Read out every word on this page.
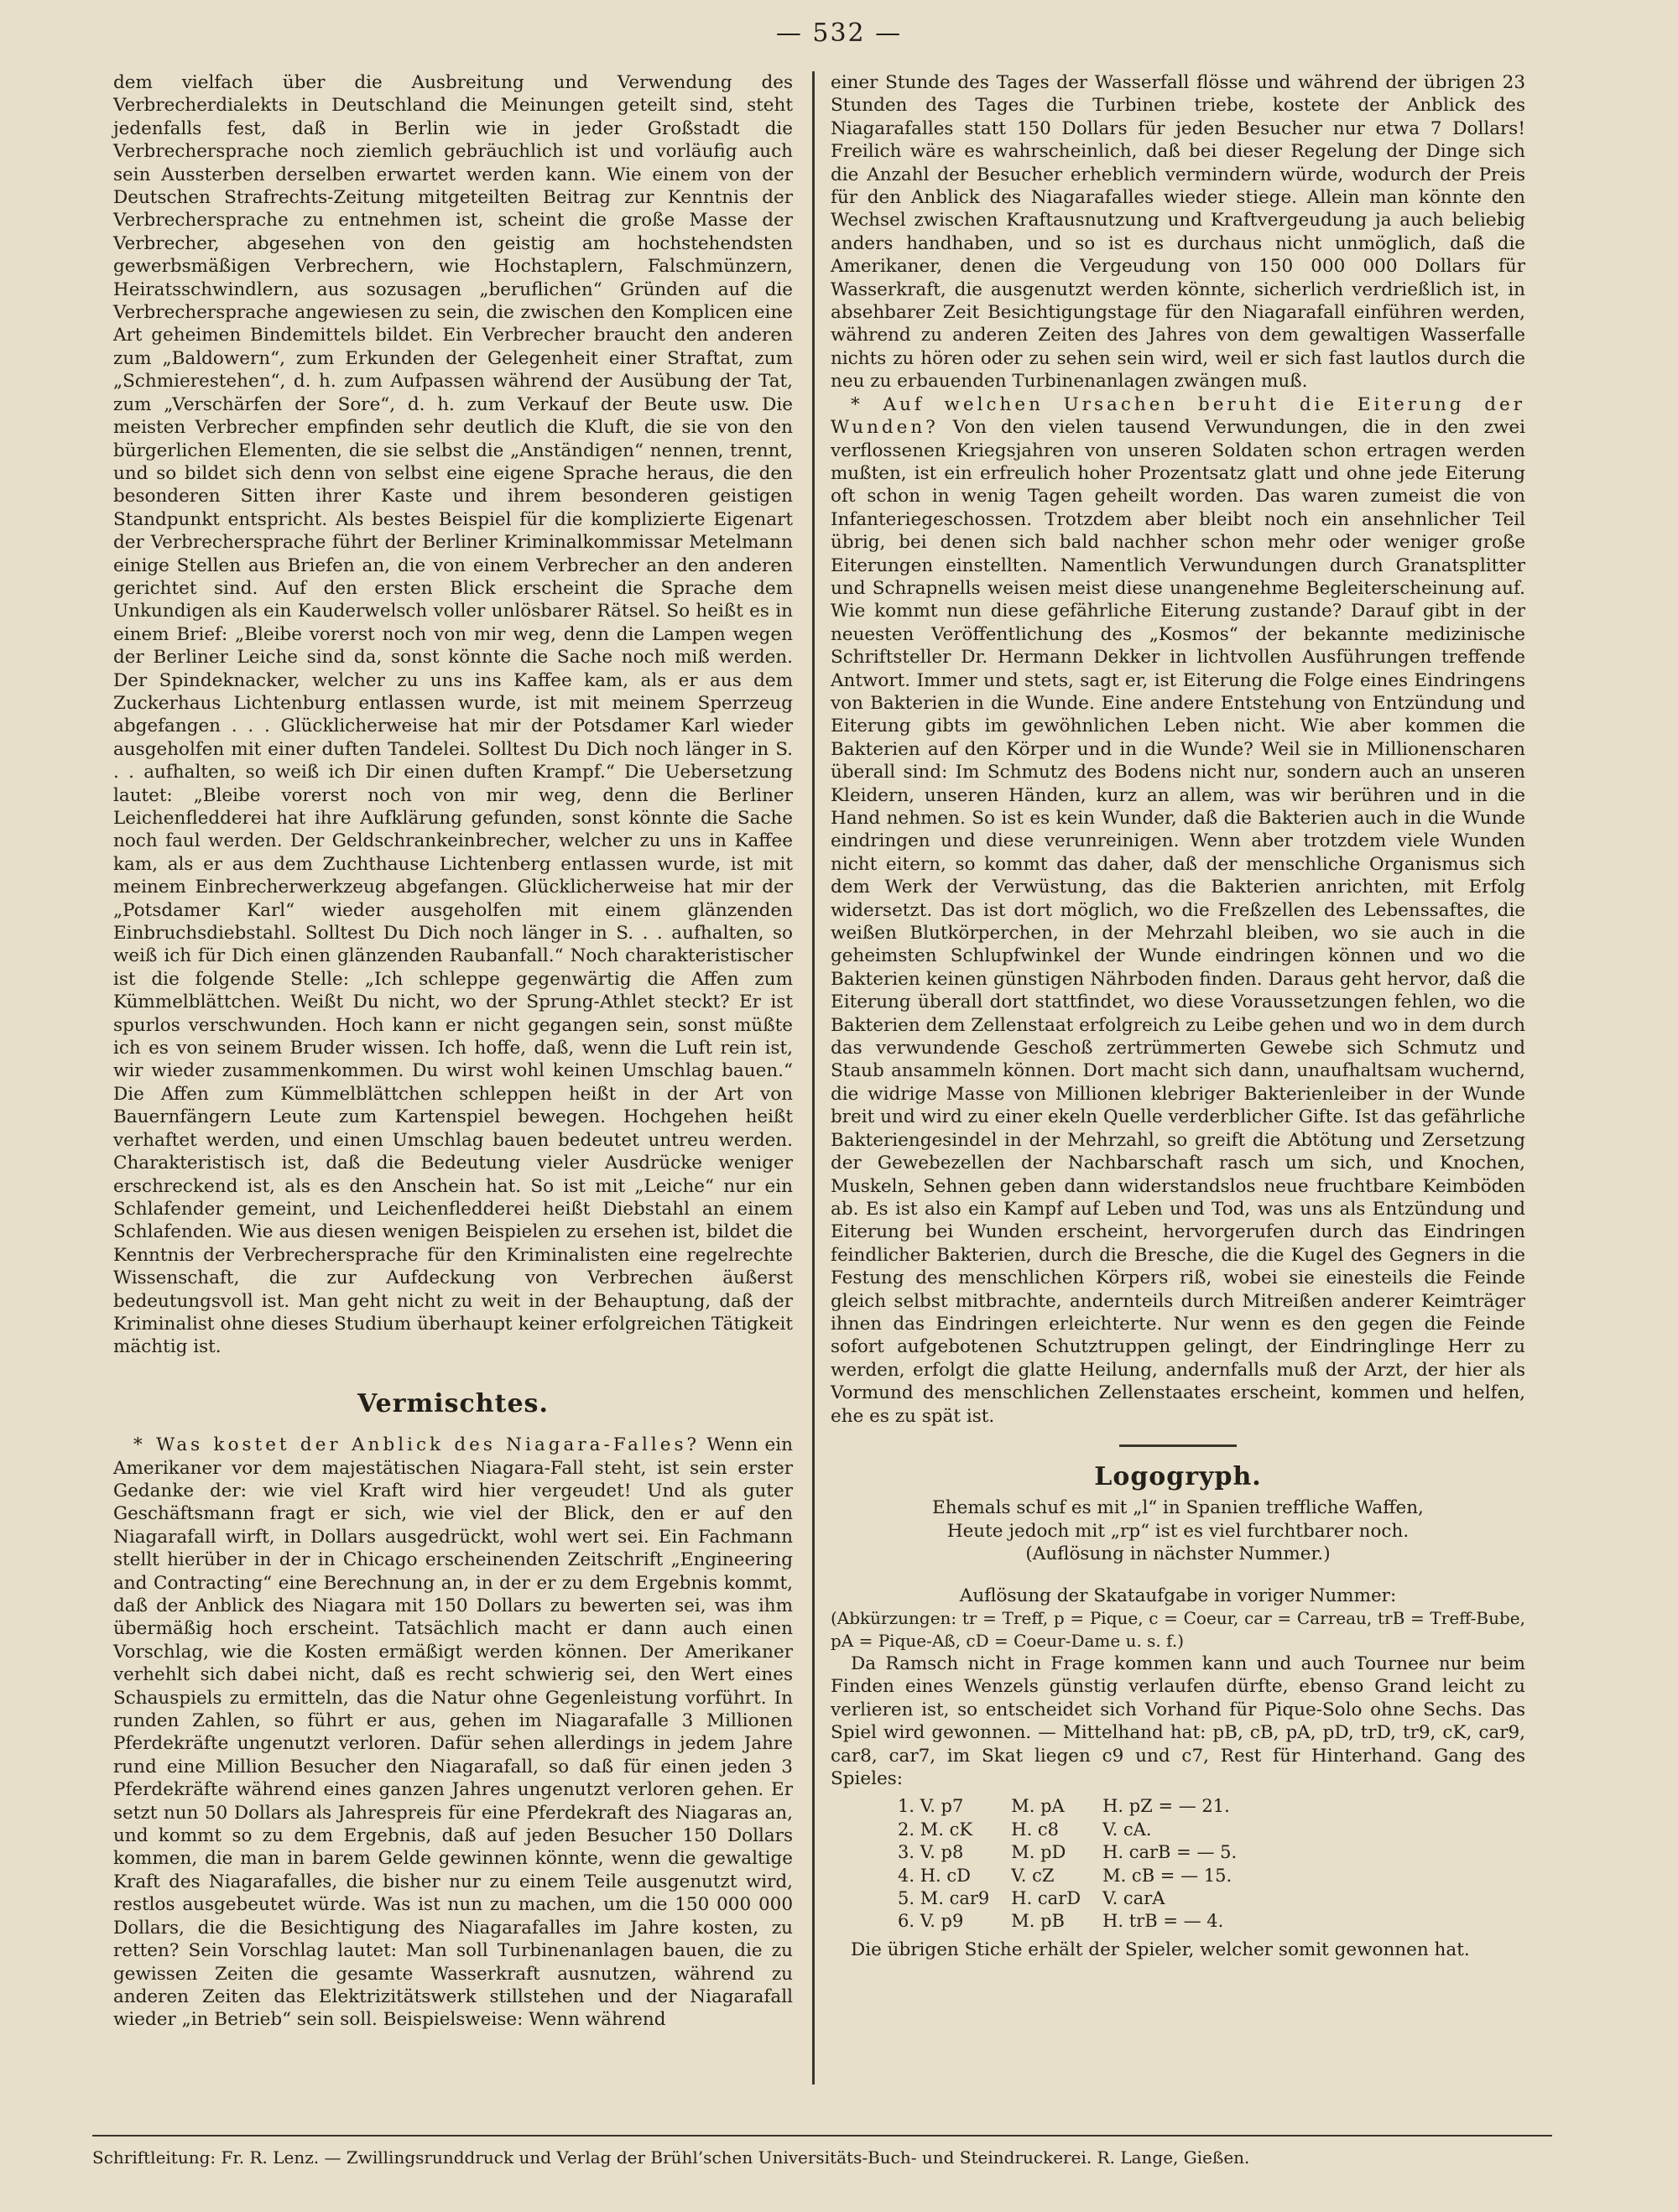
— 532 —

dem vielfach über die Ausbreitung und Verwendung des Verbrecherdialekts in Deutschland die Meinungen geteilt sind, steht jedenfalls fest, daß in Berlin wie in jeder Großstadt die Verbrechersprache noch ziemlich gebräuchlich ist und vorläufig auch sein Aussterben derselben erwartet werden kann. Wie einem von der Deutschen Strafrechts-Zeitung mitgeteilten Beitrag zur Kenntnis der Verbrechersprache zu entnehmen ist, scheint die große Masse der Verbrecher, abgesehen von den geistig am hochstehendsten gewerbsmäßigen Verbrechern, wie Hochstaplern, Falschmünzern, Heiratsschwindlern, aus sozusagen „beruflichen“ Gründen auf die Verbrechersprache angewiesen zu sein, die zwischen den Komplicen eine Art geheimen Bindemittels bildet. Ein Verbrecher braucht den anderen zum „Baldowern“, zum Erkunden der Gelegenheit einer Straftat, zum „Schmierestehen“, d. h. zum Aufpassen während der Ausübung der Tat, zum „Verschärfen der Sore“, d. h. zum Verkauf der Beute usw. Die meisten Verbrecher empfinden sehr deutlich die Kluft, die sie von den bürgerlichen Elementen, die sie selbst die „Anständigen“ nennen, trennt, und so bildet sich denn von selbst eine eigene Sprache heraus, die den besonderen Sitten ihrer Kaste und ihrem besonderen geistigen Standpunkt entspricht. Als bestes Beispiel für die komplizierte Eigenart der Verbrechersprache führt der Berliner Kriminalkommissar Metelmann einige Stellen aus Briefen an, die von einem Verbrecher an den anderen gerichtet sind. Auf den ersten Blick erscheint die Sprache dem Unkundigen als ein Kauderwelsch voller unlösbarer Rätsel. So heißt es in einem Brief: „Bleibe vorerst noch von mir weg, denn die Lampen wegen der Berliner Leiche sind da, sonst könnte die Sache noch miß werden. Der Spindeknacker, welcher zu uns ins Kaffee kam, als er aus dem Zuckerhaus Lichtenburg entlassen wurde, ist mit meinem Sperrzeug abgefangen . . . Glücklicherweise hat mir der Potsdamer Karl wieder ausgeholfen mit einer duften Tandelei. Solltest Du Dich noch länger in S. . . aufhalten, so weiß ich Dir einen duften Krampf.“ Die Uebersetzung lautet: „Bleibe vorerst noch von mir weg, denn die Berliner Leichenfledderei hat ihre Aufklärung gefunden, sonst könnte die Sache noch faul werden. Der Geldschrankeinbrecher, welcher zu uns in Kaffee kam, als er aus dem Zuchthause Lichtenberg entlassen wurde, ist mit meinem Einbrecherwerkzeug abgefangen. Glücklicherweise hat mir der „Potsdamer Karl“ wieder ausgeholfen mit einem glänzenden Einbruchsdiebstahl. Solltest Du Dich noch länger in S. . . aufhalten, so weiß ich für Dich einen glänzenden Raubanfall.“ Noch charakteristischer ist die folgende Stelle: „Ich schleppe gegenwärtig die Affen zum Kümmelblättchen. Weißt Du nicht, wo der Sprung-Athlet steckt? Er ist spurlos verschwunden. Hoch kann er nicht gegangen sein, sonst müßte ich es von seinem Bruder wissen. Ich hoffe, daß, wenn die Luft rein ist, wir wieder zusammenkommen. Du wirst wohl keinen Umschlag bauen.“ Die Affen zum Kümmelblättchen schleppen heißt in der Art von Bauernfängern Leute zum Kartenspiel bewegen. Hochgehen heißt verhaftet werden, und einen Umschlag bauen bedeutet untreu werden. Charakteristisch ist, daß die Bedeutung vieler Ausdrücke weniger erschreckend ist, als es den Anschein hat. So ist mit „Leiche“ nur ein Schlafender gemeint, und Leichenfledderei heißt Diebstahl an einem Schlafenden. Wie aus diesen wenigen Beispielen zu ersehen ist, bildet die Kenntnis der Verbrechersprache für den Kriminalisten eine regelrechte Wissenschaft, die zur Aufdeckung von Verbrechen äußerst bedeutungsvoll ist. Man geht nicht zu weit in der Behauptung, daß der Kriminalist ohne dieses Studium überhaupt keiner erfolgreichen Tätigkeit mächtig ist.

Vermischtes.

* Was kostet der Anblick des Niagara-Falles? Wenn ein Amerikaner vor dem majestätischen Niagara-Fall steht, ist sein erster Gedanke der: wie viel Kraft wird hier vergeudet! Und als guter Geschäftsmann fragt er sich, wie viel der Blick, den er auf den Niagarafall wirft, in Dollars ausgedrückt, wohl wert sei. Ein Fachmann stellt hierüber in der in Chicago erscheinenden Zeitschrift „Engineering and Contracting“ eine Berechnung an, in der er zu dem Ergebnis kommt, daß der Anblick des Niagara mit 150 Dollars zu bewerten sei, was ihm übermäßig hoch erscheint. Tatsächlich macht er dann auch einen Vorschlag, wie die Kosten ermäßigt werden können. Der Amerikaner verhehlt sich dabei nicht, daß es recht schwierig sei, den Wert eines Schauspiels zu ermitteln, das die Natur ohne Gegenleistung vorführt. In runden Zahlen, so führt er aus, gehen im Niagarafalle 3 Millionen Pferdekräfte ungenutzt verloren. Dafür sehen allerdings in jedem Jahre rund eine Million Besucher den Niagarafall, so daß für einen jeden 3 Pferdekräfte während eines ganzen Jahres ungenutzt verloren gehen. Er setzt nun 50 Dollars als Jahrespreis für eine Pferdekraft des Niagaras an, und kommt so zu dem Ergebnis, daß auf jeden Besucher 150 Dollars kommen, die man in barem Gelde gewinnen könnte, wenn die gewaltige Kraft des Niagarafalles, die bisher nur zu einem Teile ausgenutzt wird, restlos ausgebeutet würde. Was ist nun zu machen, um die 150 000 000 Dollars, die die Besichtigung des Niagarafalles im Jahre kosten, zu retten? Sein Vorschlag lautet: Man soll Turbinenanlagen bauen, die zu gewissen Zeiten die gesamte Wasserkraft ausnutzen, während zu anderen Zeiten das Elektrizitätswerk stillstehen und der Niagarafall wieder „in Betrieb“ sein soll. Beispielsweise: Wenn während

einer Stunde des Tages der Wasserfall flösse und während der übrigen 23 Stunden des Tages die Turbinen triebe, kostete der Anblick des Niagarafalles statt 150 Dollars für jeden Besucher nur etwa 7 Dollars! Freilich wäre es wahrscheinlich, daß bei dieser Regelung der Dinge sich die Anzahl der Besucher erheblich vermindern würde, wodurch der Preis für den Anblick des Niagarafalles wieder stiege. Allein man könnte den Wechsel zwischen Kraftausnutzung und Kraftvergeudung ja auch beliebig anders handhaben, und so ist es durchaus nicht unmöglich, daß die Amerikaner, denen die Vergeudung von 150 000 000 Dollars für Wasserkraft, die ausgenutzt werden könnte, sicherlich verdrießlich ist, in absehbarer Zeit Besichtigungstage für den Niagarafall einführen werden, während zu anderen Zeiten des Jahres von dem gewaltigen Wasserfalle nichts zu hören oder zu sehen sein wird, weil er sich fast lautlos durch die neu zu erbauenden Turbinenanlagen zwängen muß.

* Auf welchen Ursachen beruht die Eiterung der Wunden? Von den vielen tausend Verwundungen, die in den zwei verflossenen Kriegsjahren von unseren Soldaten schon ertragen werden mußten, ist ein erfreulich hoher Prozentsatz glatt und ohne jede Eiterung oft schon in wenig Tagen geheilt worden. Das waren zumeist die von Infanteriegeschossen. Trotzdem aber bleibt noch ein ansehnlicher Teil übrig, bei denen sich bald nachher schon mehr oder weniger große Eiterungen einstellten. Namentlich Verwundungen durch Granatsplitter und Schrapnells weisen meist diese unangenehme Begleiterscheinung auf. Wie kommt nun diese gefährliche Eiterung zustande? Darauf gibt in der neuesten Veröffentlichung des „Kosmos“ der bekannte medizinische Schriftsteller Dr. Hermann Dekker in lichtvollen Ausführungen treffende Antwort. Immer und stets, sagt er, ist Eiterung die Folge eines Eindringens von Bakterien in die Wunde. Eine andere Entstehung von Entzündung und Eiterung gibts im gewöhnlichen Leben nicht. Wie aber kommen die Bakterien auf den Körper und in die Wunde? Weil sie in Millionenscharen überall sind: Im Schmutz des Bodens nicht nur, sondern auch an unseren Kleidern, unseren Händen, kurz an allem, was wir berühren und in die Hand nehmen. So ist es kein Wunder, daß die Bakterien auch in die Wunde eindringen und diese verunreinigen. Wenn aber trotzdem viele Wunden nicht eitern, so kommt das daher, daß der menschliche Organismus sich dem Werk der Verwüstung, das die Bakterien anrichten, mit Erfolg widersetzt. Das ist dort möglich, wo die Freßzellen des Lebenssaftes, die weißen Blutkörperchen, in der Mehrzahl bleiben, wo sie auch in die geheimsten Schlupfwinkel der Wunde eindringen können und wo die Bakterien keinen günstigen Nährboden finden. Daraus geht hervor, daß die Eiterung überall dort stattfindet, wo diese Voraussetzungen fehlen, wo die Bakterien dem Zellenstaat erfolgreich zu Leibe gehen und wo in dem durch das verwundende Geschoß zertrümmerten Gewebe sich Schmutz und Staub ansammeln können. Dort macht sich dann, unaufhaltsam wuchernd, die widrige Masse von Millionen klebriger Bakterienleiber in der Wunde breit und wird zu einer ekeln Quelle verderblicher Gifte. Ist das gefährliche Bakteriengesindel in der Mehrzahl, so greift die Abtötung und Zersetzung der Gewebezellen der Nachbarschaft rasch um sich, und Knochen, Muskeln, Sehnen geben dann widerstandslos neue fruchtbare Keimböden ab. Es ist also ein Kampf auf Leben und Tod, was uns als Entzündung und Eiterung bei Wunden erscheint, hervorgerufen durch das Eindringen feindlicher Bakterien, durch die Bresche, die die Kugel des Gegners in die Festung des menschlichen Körpers riß, wobei sie einesteils die Feinde gleich selbst mitbrachte, andernteils durch Mitreißen anderer Keimträger ihnen das Eindringen erleichterte. Nur wenn es den gegen die Feinde sofort aufgebotenen Schutztruppen gelingt, der Eindringlinge Herr zu werden, erfolgt die glatte Heilung, andernfalls muß der Arzt, der hier als Vormund des menschlichen Zellenstaates erscheint, kommen und helfen, ehe es zu spät ist.

Logogryph.

Ehemals schuf es mit „l“ in Spanien treffliche Waffen,

Heute jedoch mit „rp“ ist es viel furchtbarer noch.

(Auflösung in nächster Nummer.)

Auflösung der Skataufgabe in voriger Nummer:

(Abkürzungen: tr = Treff, p = Pique, c = Coeur, car = Carreau, trB = Treff-Bube, pA = Pique-Aß, cD = Coeur-Dame u. s. f.)

Da Ramsch nicht in Frage kommen kann und auch Tournee nur beim Finden eines Wenzels günstig verlaufen dürfte, ebenso Grand leicht zu verlieren ist, so entscheidet sich Vorhand für Pique-Solo ohne Sechs. Das Spiel wird gewonnen. — Mittelhand hat: pB, cB, pA, pD, trD, tr9, cK, car9, car8, car7, im Skat liegen c9 und c7, Rest für Hinterhand. Gang des Spieles:

1. V. p7	M. pA	H. pZ = — 21.
2. M. cK	H. c8	V. cA.
3. V. p8	M. pD	H. carB = — 5.
4. H. cD	V. cZ	M. cB = — 15.
5. M. car9	H. carD	V. carA
6. V. p9	M. pB	H. trB = — 4.

Die übrigen Stiche erhält der Spieler, welcher somit gewonnen hat.

Schriftleitung: Fr. R. Lenz. — Zwillingsrunddruck und Verlag der Brühl’schen Universitäts-Buch- und Steindruckerei. R. Lange, Gießen.
